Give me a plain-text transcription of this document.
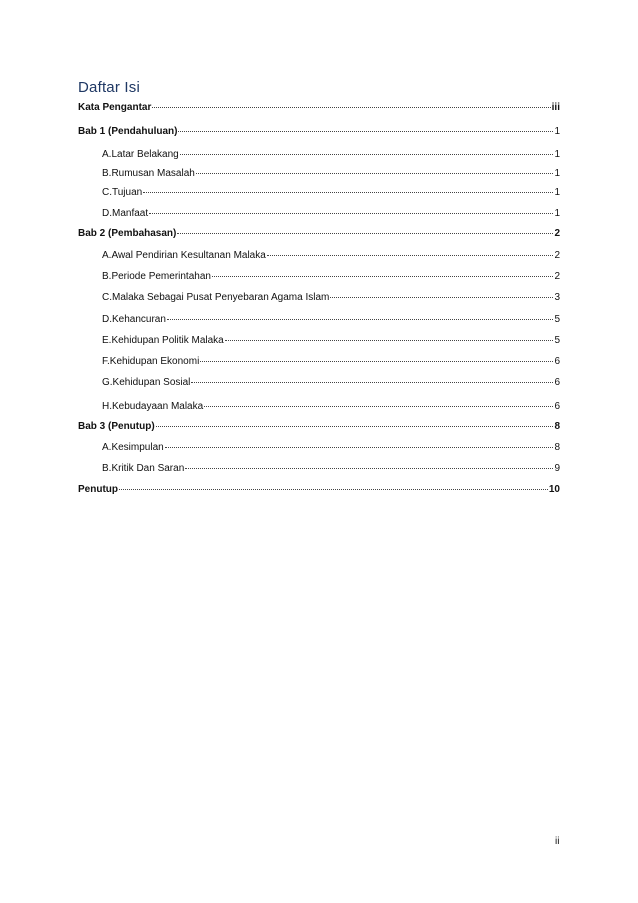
Daftar Isi
Kata Pengantar	iii
Bab 1 (Pendahuluan)	1
A.Latar Belakang	1
B.Rumusan Masalah	1
C.Tujuan	1
D.Manfaat	1
Bab 2 (Pembahasan)	2
A.Awal Pendirian Kesultanan Malaka	2
B.Periode Pemerintahan	2
C.Malaka Sebagai Pusat Penyebaran Agama Islam	3
D.Kehancuran	5
E.Kehidupan Politik Malaka	5
F.Kehidupan Ekonomi	6
G.Kehidupan Sosial	6
H.Kebudayaan Malaka	6
Bab 3 (Penutup)	8
A.Kesimpulan	8
B.Kritik Dan Saran	9
Penutup	10
ii
